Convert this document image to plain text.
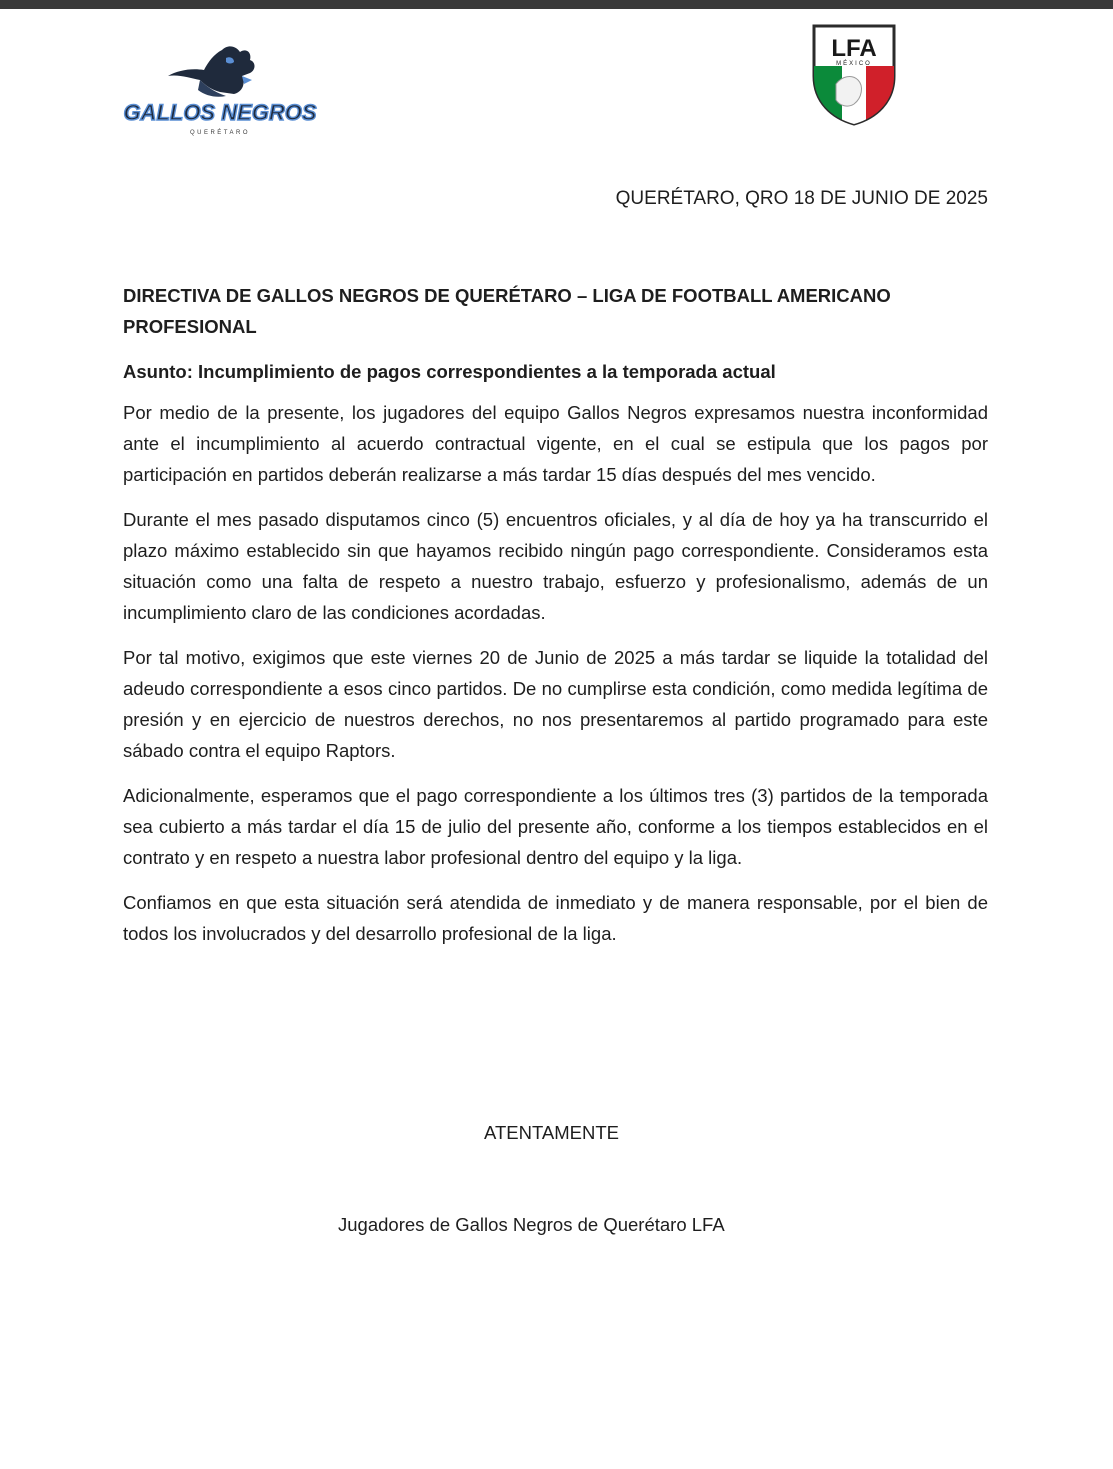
GALLOS NEGROS
QUERÉTARO
LFA
MÉXICO
QUERÉTARO, QRO 18 DE JUNIO DE 2025

DIRECTIVA DE GALLOS NEGROS DE QUERÉTARO – LIGA DE FOOTBALL AMERICANO PROFESIONAL

Asunto: Incumplimiento de pagos correspondientes a la temporada actual

Por medio de la presente, los jugadores del equipo Gallos Negros expresamos nuestra inconformidad ante el incumplimiento al acuerdo contractual vigente, en el cual se estipula que los pagos por participación en partidos deberán realizarse a más tardar 15 días después del mes vencido.

Durante el mes pasado disputamos cinco (5) encuentros oficiales, y al día de hoy ya ha transcurrido el plazo máximo establecido sin que hayamos recibido ningún pago correspondiente. Consideramos esta situación como una falta de respeto a nuestro trabajo, esfuerzo y profesionalismo, además de un incumplimiento claro de las condiciones acordadas.

Por tal motivo, exigimos que este viernes 20 de Junio de 2025 a más tardar se liquide la totalidad del adeudo correspondiente a esos cinco partidos. De no cumplirse esta condición, como medida legítima de presión y en ejercicio de nuestros derechos, no nos presentaremos al partido programado para este sábado contra el equipo Raptors.

Adicionalmente, esperamos que el pago correspondiente a los últimos tres (3) partidos de la temporada sea cubierto a más tardar el día 15 de julio del presente año, conforme a los tiempos establecidos en el contrato y en respeto a nuestra labor profesional dentro del equipo y la liga.

Confiamos en que esta situación será atendida de inmediato y de manera responsable, por el bien de todos los involucrados y del desarrollo profesional de la liga.

ATENTAMENTE
Jugadores de Gallos Negros de Querétaro LFA
